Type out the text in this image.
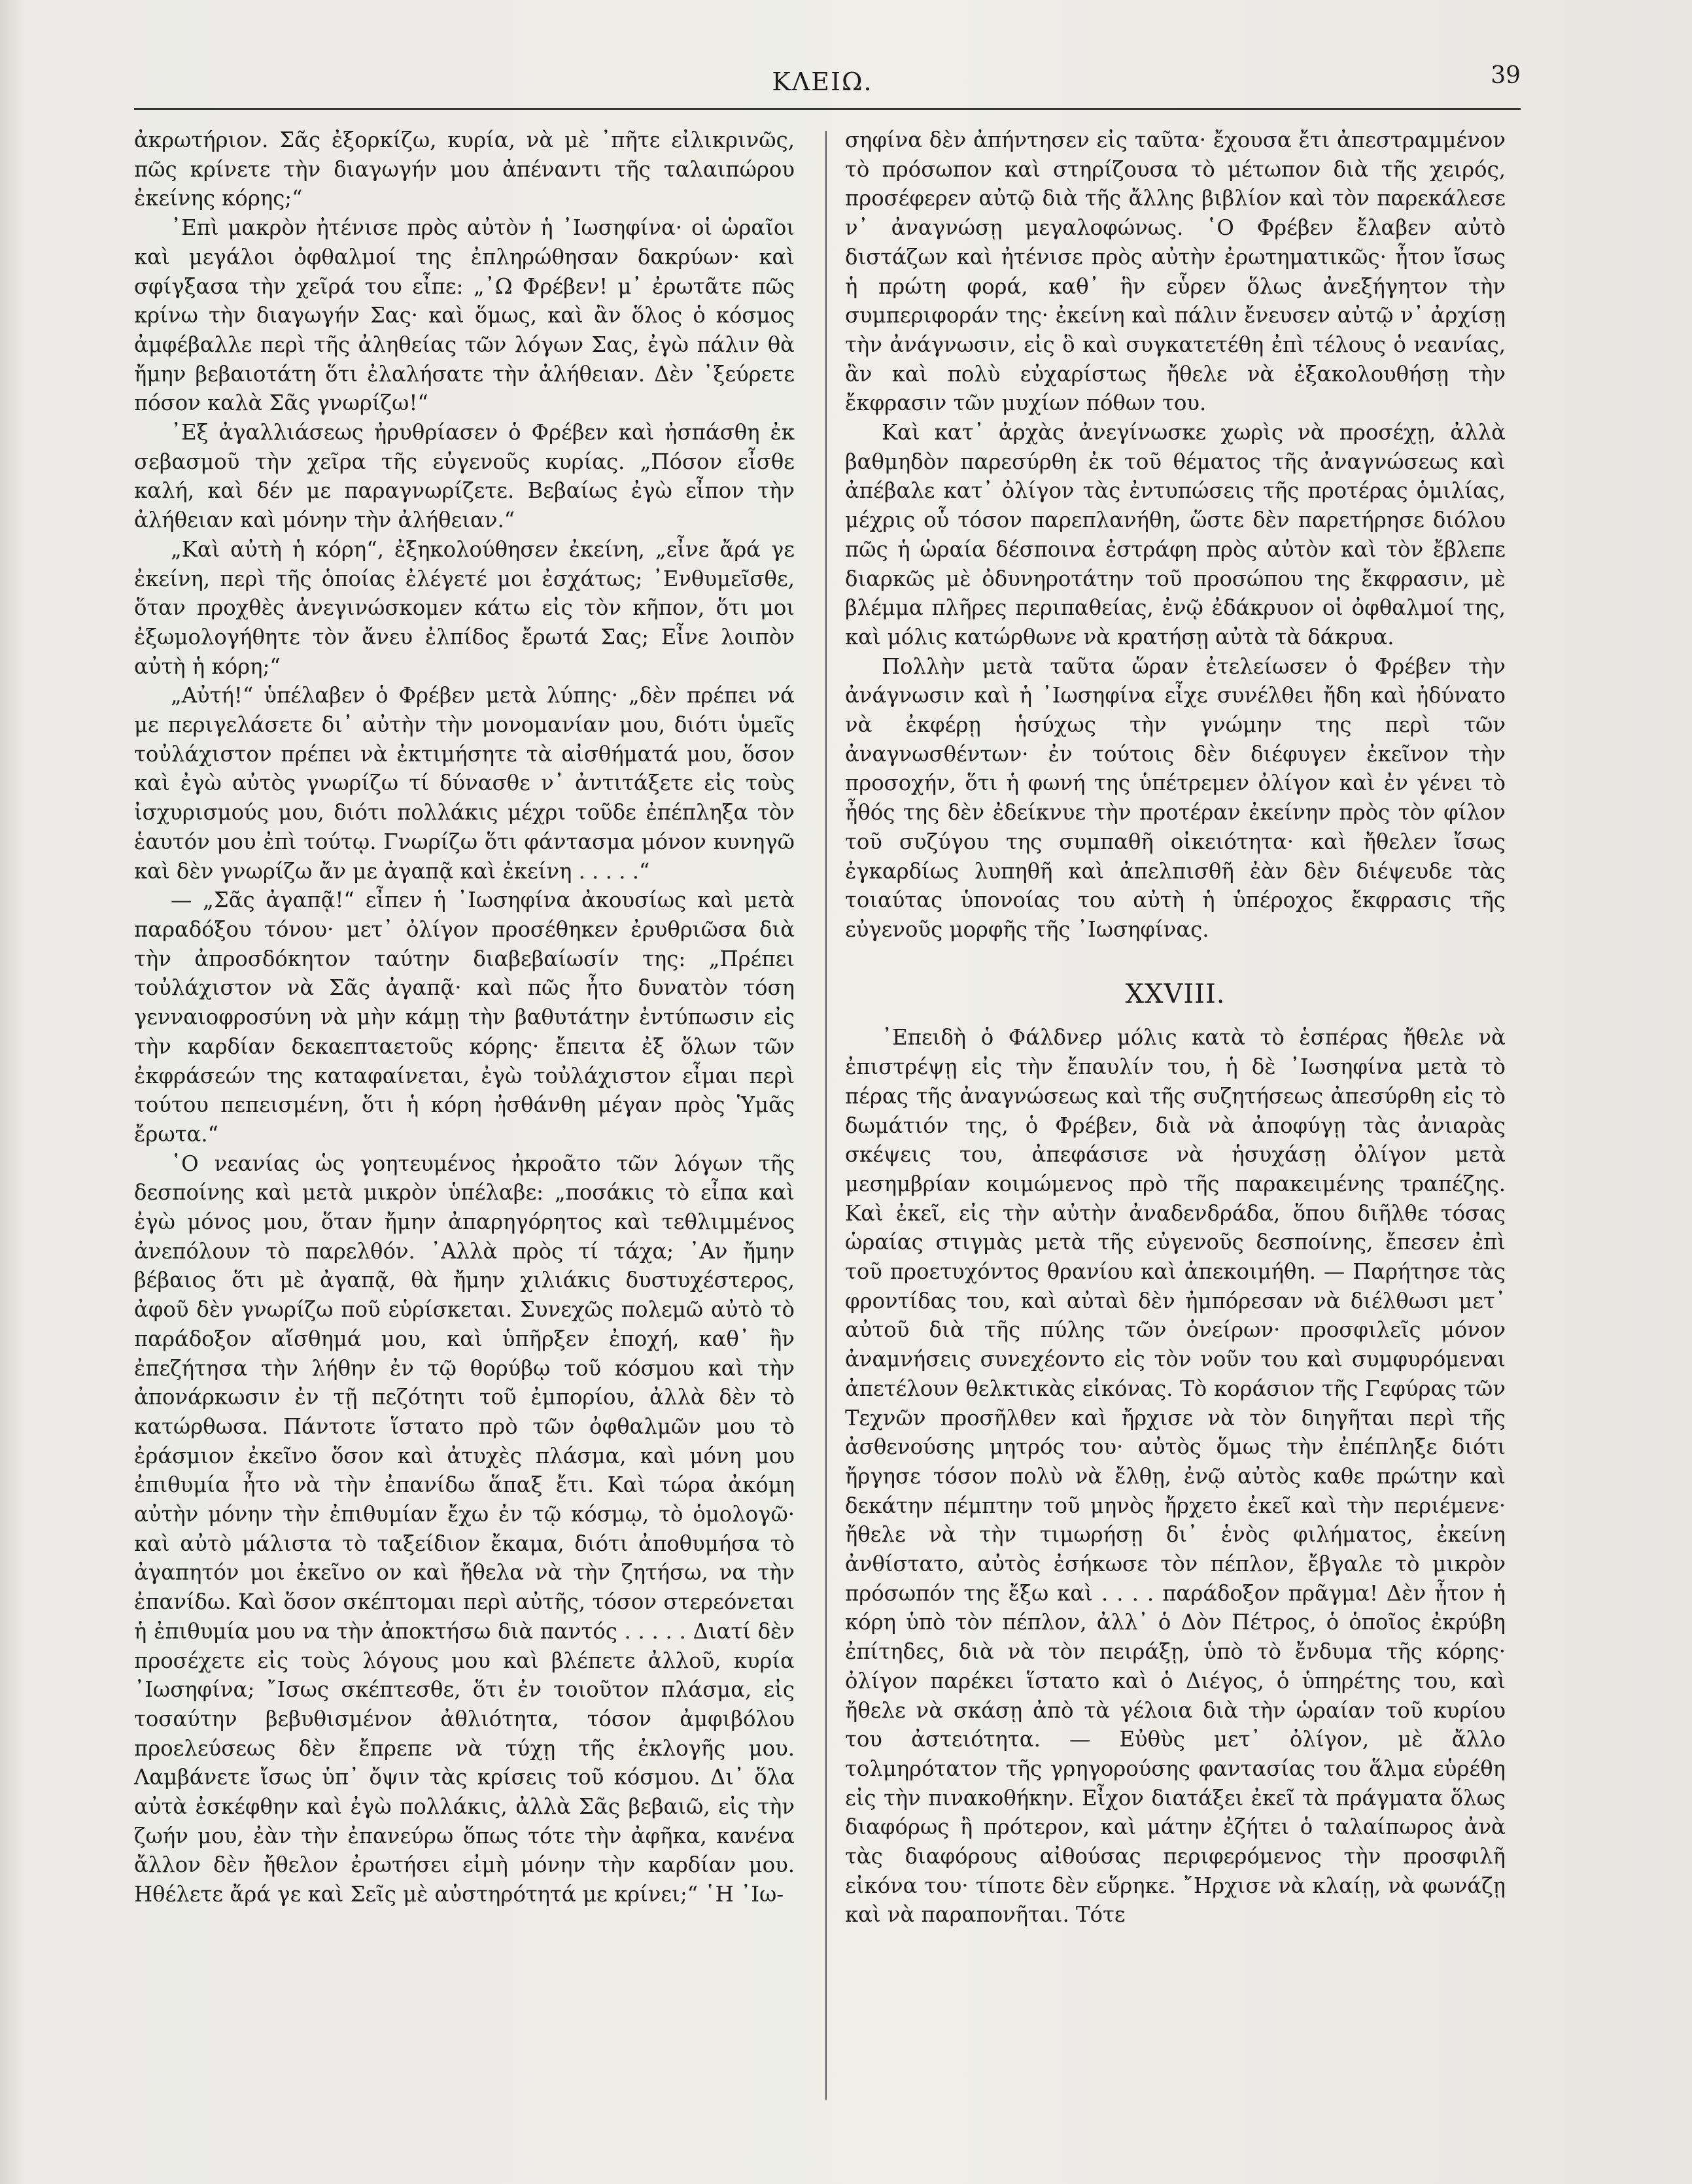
ΚΛΕΙΩ.	39

ἀκρωτήριον. Σᾶς ἐξορκίζω, κυρία, νὰ μὲ ᾽πῆτε εἰλικρινῶς, πῶς κρίνετε τὴν διαγωγήν μου ἀπέναντι τῆς ταλαιπώρου ἐκείνης κόρης;“

᾽Επὶ μακρὸν ἠτένισε πρὸς αὐτὸν ἡ ᾽Ιωσηφίνα· οἱ ὡραῖοι καὶ μεγάλοι ὀφθαλμοί της ἐπληρώθησαν δακρύων· καὶ σφίγξασα τὴν χεῖρά του εἶπε: „᾽Ω Φρέβεν! μ᾽ ἐρωτᾶτε πῶς κρίνω τὴν διαγωγήν Σας· καὶ ὅμως, καὶ ἂν ὅλος ὁ κόσμος ἀμφέβαλλε περὶ τῆς ἀληθείας τῶν λόγων Σας, ἐγὼ πάλιν θὰ ἤμην βεβαιοτάτη ὅτι ἐλαλήσατε τὴν ἀλήθειαν. Δὲν ᾽ξεύρετε πόσον καλὰ Σᾶς γνωρίζω!“

᾽Εξ ἀγαλλιάσεως ἠρυθρίασεν ὁ Φρέβεν καὶ ἠσπάσθη ἐκ σεβασμοῦ τὴν χεῖρα τῆς εὐγενοῦς κυρίας. „Πόσον εἶσθε καλή, καὶ δέν με παραγνωρίζετε. Βεβαίως ἐγὼ εἶπον τὴν ἀλήθειαν καὶ μόνην τὴν ἀλήθειαν.“

„Καὶ αὐτὴ ἡ κόρη“, ἐξηκολούθησεν ἐκείνη, „εἶνε ἄρά γε ἐκείνη, περὶ τῆς ὁποίας ἐλέγετέ μοι ἐσχάτως; ᾽Ενθυμεῖσθε, ὅταν προχθὲς ἀνεγινώσκομεν κάτω εἰς τὸν κῆπον, ὅτι μοι ἐξωμολογήθητε τὸν ἄνευ ἐλπίδος ἔρωτά Σας; Εἶνε λοιπὸν αὐτὴ ἡ κόρη;“

„Αὐτή!“ ὑπέλαβεν ὁ Φρέβεν μετὰ λύπης· „δὲν πρέπει νά με περιγελάσετε δι᾽ αὐτὴν τὴν μονομανίαν μου, διότι ὑμεῖς τοὐλάχιστον πρέπει νὰ ἐκτιμήσητε τὰ αἰσθήματά μου, ὅσον καὶ ἐγὼ αὐτὸς γνωρίζω τί δύνασθε ν᾽ ἀντιτάξετε εἰς τοὺς ἰσχυρισμούς μου, διότι πολλάκις μέχρι τοῦδε ἐπέπληξα τὸν ἑαυτόν μου ἐπὶ τούτῳ. Γνωρίζω ὅτι φάντασμα μόνον κυνηγῶ καὶ δὲν γνωρίζω ἄν με ἀγαπᾷ καὶ ἐκείνη . . . . .“

— „Σᾶς ἀγαπᾷ!“ εἶπεν ἡ ᾽Ιωσηφίνα ἀκουσίως καὶ μετὰ παραδόξου τόνου· μετ᾽ ὀλίγον προσέθηκεν ἐρυθριῶσα διὰ τὴν ἀπροσδόκητον ταύτην διαβεβαίωσίν της: „Πρέπει τοὐλάχιστον νὰ Σᾶς ἀγαπᾷ· καὶ πῶς ἦτο δυνατὸν τόση γενναιοφροσύνη νὰ μὴν κάμῃ τὴν βαθυτάτην ἐντύπωσιν εἰς τὴν καρδίαν δεκαεπταετοῦς κόρης· ἔπειτα ἐξ ὅλων τῶν ἐκφράσεών της καταφαίνεται, ἐγὼ τοὐλάχιστον εἶμαι περὶ τούτου πεπεισμένη, ὅτι ἡ κόρη ἠσθάνθη μέγαν πρὸς Ὑμᾶς ἔρωτα.“

῾Ο νεανίας ὡς γοητευμένος ἠκροᾶτο τῶν λόγων τῆς δεσποίνης καὶ μετὰ μικρὸν ὑπέλαβε: „ποσάκις τὸ εἶπα καὶ ἐγὼ μόνος μου, ὅταν ἤμην ἀπαρηγόρητος καὶ τεθλιμμένος ἀνεπόλουν τὸ παρελθόν. ᾽Αλλὰ πρὸς τί τάχα; ᾽Αν ἤμην βέβαιος ὅτι μὲ ἀγαπᾷ, θὰ ἤμην χιλιάκις δυστυχέστερος, ἀφοῦ δὲν γνωρίζω ποῦ εὑρίσκεται. Συνεχῶς πολεμῶ αὐτὸ τὸ παράδοξον αἴσθημά μου, καὶ ὑπῆρξεν ἐποχή, καθ᾽ ἣν ἐπεζήτησα τὴν λήθην ἐν τῷ θορύβῳ τοῦ κόσμου καὶ τὴν ἀπονάρκωσιν ἐν τῇ πεζότητι τοῦ ἐμπορίου, ἀλλὰ δὲν τὸ κατώρθωσα. Πάντοτε ἵστατο πρὸ τῶν ὀφθαλμῶν μου τὸ ἐράσμιον ἐκεῖνο ὅσον καὶ ἀτυχὲς πλάσμα, καὶ μόνη μου ἐπιθυμία ἦτο νὰ τὴν ἐπανίδω ἅπαξ ἔτι. Καὶ τώρα ἀκόμη αὐτὴν μόνην τὴν ἐπιθυμίαν ἔχω ἐν τῷ κόσμῳ, τὸ ὁμολογῶ· καὶ αὐτὸ μάλιστα τὸ ταξείδιον ἔκαμα, διότι ἀποθυμήσα τὸ ἀγαπητόν μοι ἐκεῖνο ον καὶ ἤθελα νὰ τὴν ζητήσω, να τὴν ἐπανίδω. Καὶ ὅσον σκέπτομαι περὶ αὐτῆς, τόσον στερεόνεται ἡ ἐπιθυμία μου να τὴν ἀποκτήσω διὰ παντός . . . . . Διατί δὲν προσέχετε εἰς τοὺς λόγους μου καὶ βλέπετε ἀλλοῦ, κυρία ᾽Ιωσηφίνα; ῎Ισως σκέπτεσθε, ὅτι ἐν τοιοῦτον πλάσμα, εἰς τοσαύτην βεβυθισμένον ἀθλιότητα, τόσον ἀμφιβόλου προελεύσεως δὲν ἔπρεπε νὰ τύχῃ τῆς ἐκλογῆς μου. Λαμβάνετε ἴσως ὑπ᾽ ὄψιν τὰς κρίσεις τοῦ κόσμου. Δι᾽ ὅλα αὐτὰ ἐσκέφθην καὶ ἐγὼ πολλάκις, ἀλλὰ Σᾶς βεβαιῶ, εἰς τὴν ζωήν μου, ἐὰν τὴν ἐπανεύρω ὅπως τότε τὴν ἀφῆκα, κανένα ἄλλον δὲν ἤθελον ἐρωτήσει εἰμὴ μόνην τὴν καρδίαν μου. Ηθέλετε ἄρά γε καὶ Σεῖς μὲ αὐστηρότητά με κρίνει;“ ῾Η ᾽Ιω-

σηφίνα δὲν ἀπήντησεν εἰς ταῦτα· ἔχουσα ἔτι ἀπεστραμμένον τὸ πρόσωπον καὶ στηρίζουσα τὸ μέτωπον διὰ τῆς χειρός, προσέφερεν αὐτῷ διὰ τῆς ἄλλης βιβλίον καὶ τὸν παρεκάλεσε ν᾽ ἀναγνώσῃ μεγαλοφώνως. ῾Ο Φρέβεν ἔλαβεν αὐτὸ διστάζων καὶ ἠτένισε πρὸς αὐτὴν ἐρωτηματικῶς· ἦτον ἴσως ἡ πρώτη φορά, καθ᾽ ἣν εὗρεν ὅλως ἀνεξήγητον τὴν συμπεριφοράν της· ἐκείνη καὶ πάλιν ἔνευσεν αὐτῷ ν᾽ ἀρχίσῃ τὴν ἀνάγνωσιν, εἰς ὃ καὶ συγκατετέθη ἐπὶ τέλους ὁ νεανίας, ἂν καὶ πολὺ εὐχαρίστως ἤθελε νὰ ἐξακολουθήσῃ τὴν ἔκφρασιν τῶν μυχίων πόθων του.

Καὶ κατ᾽ ἀρχὰς ἀνεγίνωσκε χωρὶς νὰ προσέχῃ, ἀλλὰ βαθμηδὸν παρεσύρθη ἐκ τοῦ θέματος τῆς ἀναγνώσεως καὶ ἀπέβαλε κατ᾽ ὀλίγον τὰς ἐντυπώσεις τῆς προτέρας ὁμιλίας, μέχρις οὗ τόσον παρεπλανήθη, ὥστε δὲν παρετήρησε διόλου πῶς ἡ ὡραία δέσποινα ἐστράφη πρὸς αὐτὸν καὶ τὸν ἔβλεπε διαρκῶς μὲ ὀδυνηροτάτην τοῦ προσώπου της ἔκφρασιν, μὲ βλέμμα πλῆρες περιπαθείας, ἐνῷ ἐδάκρυον οἱ ὀφθαλμοί της, καὶ μόλις κατώρθωνε νὰ κρατήσῃ αὐτὰ τὰ δάκρυα.

Πολλὴν μετὰ ταῦτα ὥραν ἐτελείωσεν ὁ Φρέβεν τὴν ἀνάγνωσιν καὶ ἡ ᾽Ιωσηφίνα εἶχε συνέλθει ἤδη καὶ ἠδύνατο νὰ ἐκφέρῃ ἡσύχως τὴν γνώμην της περὶ τῶν ἀναγνωσθέντων· ἐν τούτοις δὲν διέφυγεν ἐκεῖνον τὴν προσοχήν, ὅτι ἡ φωνή της ὑπέτρεμεν ὀλίγον καὶ ἐν γένει τὸ ἦθός της δὲν ἐδείκνυε τὴν προτέραν ἐκείνην πρὸς τὸν φίλον τοῦ συζύγου της συμπαθῆ οἰκειότητα· καὶ ἤθελεν ἴσως ἐγκαρδίως λυπηθῆ καὶ ἀπελπισθῆ ἐὰν δὲν διέψευδε τὰς τοιαύτας ὑπονοίας του αὐτὴ ἡ ὑπέροχος ἔκφρασις τῆς εὐγενοῦς μορφῆς τῆς ᾽Ιωσηφίνας.

XXVIII.

᾽Επειδὴ ὁ Φάλδνερ μόλις κατὰ τὸ ἑσπέρας ἤθελε νὰ ἐπιστρέψῃ εἰς τὴν ἔπαυλίν του, ἡ δὲ ᾽Ιωσηφίνα μετὰ τὸ πέρας τῆς ἀναγνώσεως καὶ τῆς συζητήσεως ἀπεσύρθη εἰς τὸ δωμάτιόν της, ὁ Φρέβεν, διὰ νὰ ἀποφύγῃ τὰς ἀνιαρὰς σκέψεις του, ἀπεφάσισε νὰ ἡσυχάσῃ ὀλίγον μετὰ μεσημβρίαν κοιμώμενος πρὸ τῆς παρακειμένης τραπέζης. Καὶ ἐκεῖ, εἰς τὴν αὐτὴν ἀναδενδράδα, ὅπου διῆλθε τόσας ὡραίας στιγμὰς μετὰ τῆς εὐγενοῦς δεσποίνης, ἔπεσεν ἐπὶ τοῦ προετυχόντος θρανίου καὶ ἀπεκοιμήθη. — Παρήτησε τὰς φροντίδας του, καὶ αὐταὶ δὲν ἠμπόρεσαν νὰ διέλθωσι μετ᾽ αὐτοῦ διὰ τῆς πύλης τῶν ὀνείρων· προσφιλεῖς μόνον ἀναμνήσεις συνεχέοντο εἰς τὸν νοῦν του καὶ συμφυρόμεναι ἀπετέλουν θελκτικὰς εἰκόνας. Τὸ κοράσιον τῆς Γεφύρας τῶν Τεχνῶν προσῆλθεν καὶ ἤρχισε νὰ τὸν διηγῆται περὶ τῆς ἀσθενούσης μητρός του· αὐτὸς ὅμως τὴν ἐπέπληξε διότι ἤργησε τόσον πολὺ νὰ ἔλθῃ, ἐνῷ αὐτὸς καθε πρώτην καὶ δεκάτην πέμπτην τοῦ μηνὸς ἤρχετο ἐκεῖ καὶ τὴν περιέμενε· ἤθελε νὰ τὴν τιμωρήσῃ δι᾽ ἑνὸς φιλήματος, ἐκείνη ἀνθίστατο, αὐτὸς ἐσήκωσε τὸν πέπλον, ἔβγαλε τὸ μικρὸν πρόσωπόν της ἔξω καὶ . . . . παράδοξον πρᾶγμα! Δὲν ἦτον ἡ κόρη ὑπὸ τὸν πέπλον, ἀλλ᾽ ὁ Δὸν Πέτρος, ὁ ὁποῖος ἐκρύβη ἐπίτηδες, διὰ νὰ τὸν πειράξῃ, ὑπὸ τὸ ἔνδυμα τῆς κόρης· ὀλίγον παρέκει ἵστατο καὶ ὁ Διέγος, ὁ ὑπηρέτης του, καὶ ἤθελε νὰ σκάσῃ ἀπὸ τὰ γέλοια διὰ τὴν ὡραίαν τοῦ κυρίου του ἀστειότητα. — Εὐθὺς μετ᾽ ὀλίγον, μὲ ἄλλο τολμηρότατον τῆς γρηγορούσης φαντασίας του ἅλμα εὑρέθη εἰς τὴν πινακοθήκην. Εἶχον διατάξει ἐκεῖ τὰ πράγματα ὅλως διαφόρως ἢ πρότερον, καὶ μάτην ἐζήτει ὁ ταλαίπωρος ἀνὰ τὰς διαφόρους αἰθούσας περιφερόμενος τὴν προσφιλῆ εἰκόνα του· τίποτε δὲν εὕρηκε. ῎Ηρχισε νὰ κλαίῃ, νὰ φωνάζῃ καὶ νὰ παραπονῆται. Τότε
